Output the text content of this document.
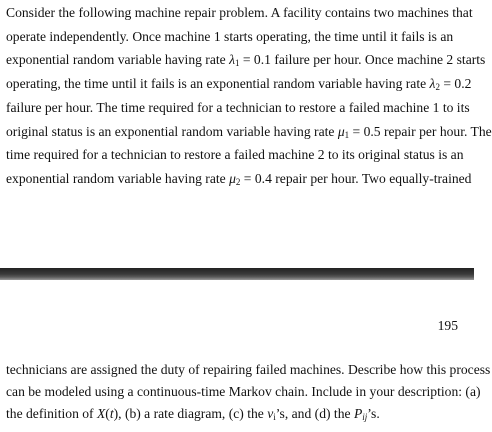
Consider the following machine repair problem. A facility contains two machines that
operate independently. Once machine 1 starts operating, the time until it fails is an
exponential random variable having rate $\lambda_1 = 0.1$ failure per hour. Once machine 2 starts
operating, the time until it fails is an exponential random variable having rate $\lambda_2 = 0.2$
failure per hour. The time required for a technician to restore a failed machine 1 to its
original status is an exponential random variable having rate $\mu_1 = 0.5$ repair per hour. The
time required for a technician to restore a failed machine 2 to its original status is an
exponential random variable having rate $\mu_2 = 0.4$ repair per hour. Two equally-trained
195
technicians are assigned the duty of repairing failed machines. Describe how this process
can be modeled using a continuous-time Markov chain. Include in your description: (a)
the definition of X(t), (b) a rate diagram, (c) the $v_i’s$, and (d) the $P_{ij}’s$.
